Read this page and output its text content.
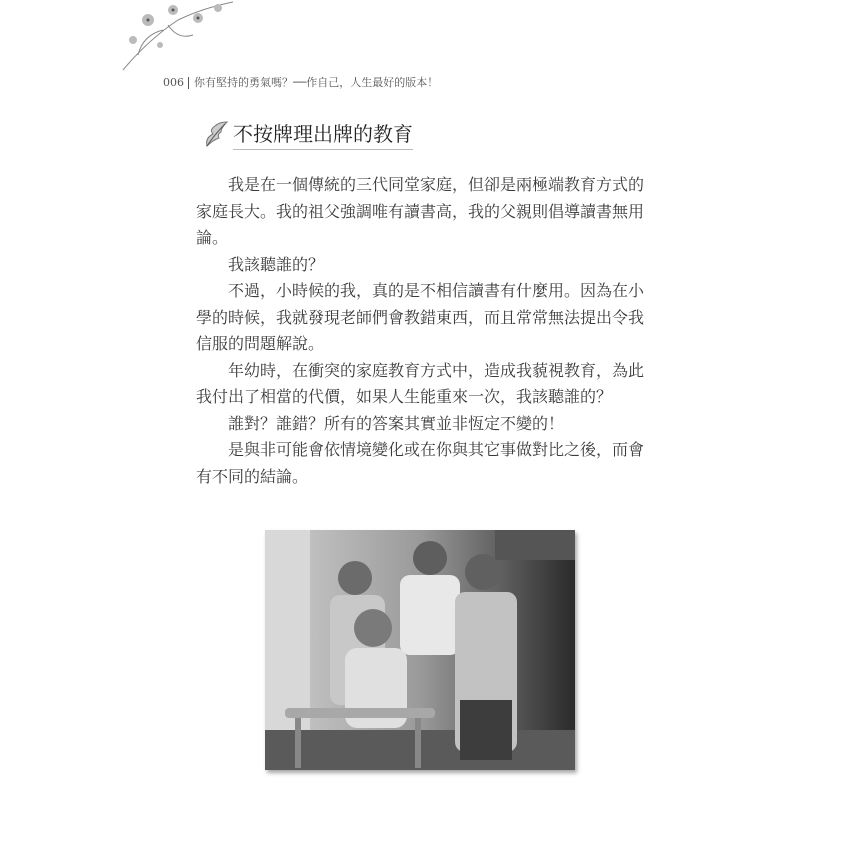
006 你有堅持的勇氣嗎？──作自己，人生最好的版本！
不按牌理出牌的教育

我是在一個傳統的三代同堂家庭，但卻是兩極端教育方式的家庭長大。我的祖父強調唯有讀書高，我的父親則倡導讀書無用論。

我該聽誰的？

不過，小時候的我，真的是不相信讀書有什麼用。因為在小學的時候，我就發現老師們會教錯東西，而且常常無法提出令我信服的問題解說。

年幼時，在衝突的家庭教育方式中，造成我藐視教育，為此我付出了相當的代價，如果人生能重來一次，我該聽誰的？

誰對？誰錯？所有的答案其實並非恆定不變的！

是與非可能會依情境變化或在你與其它事做對比之後，而會有不同的結論。
